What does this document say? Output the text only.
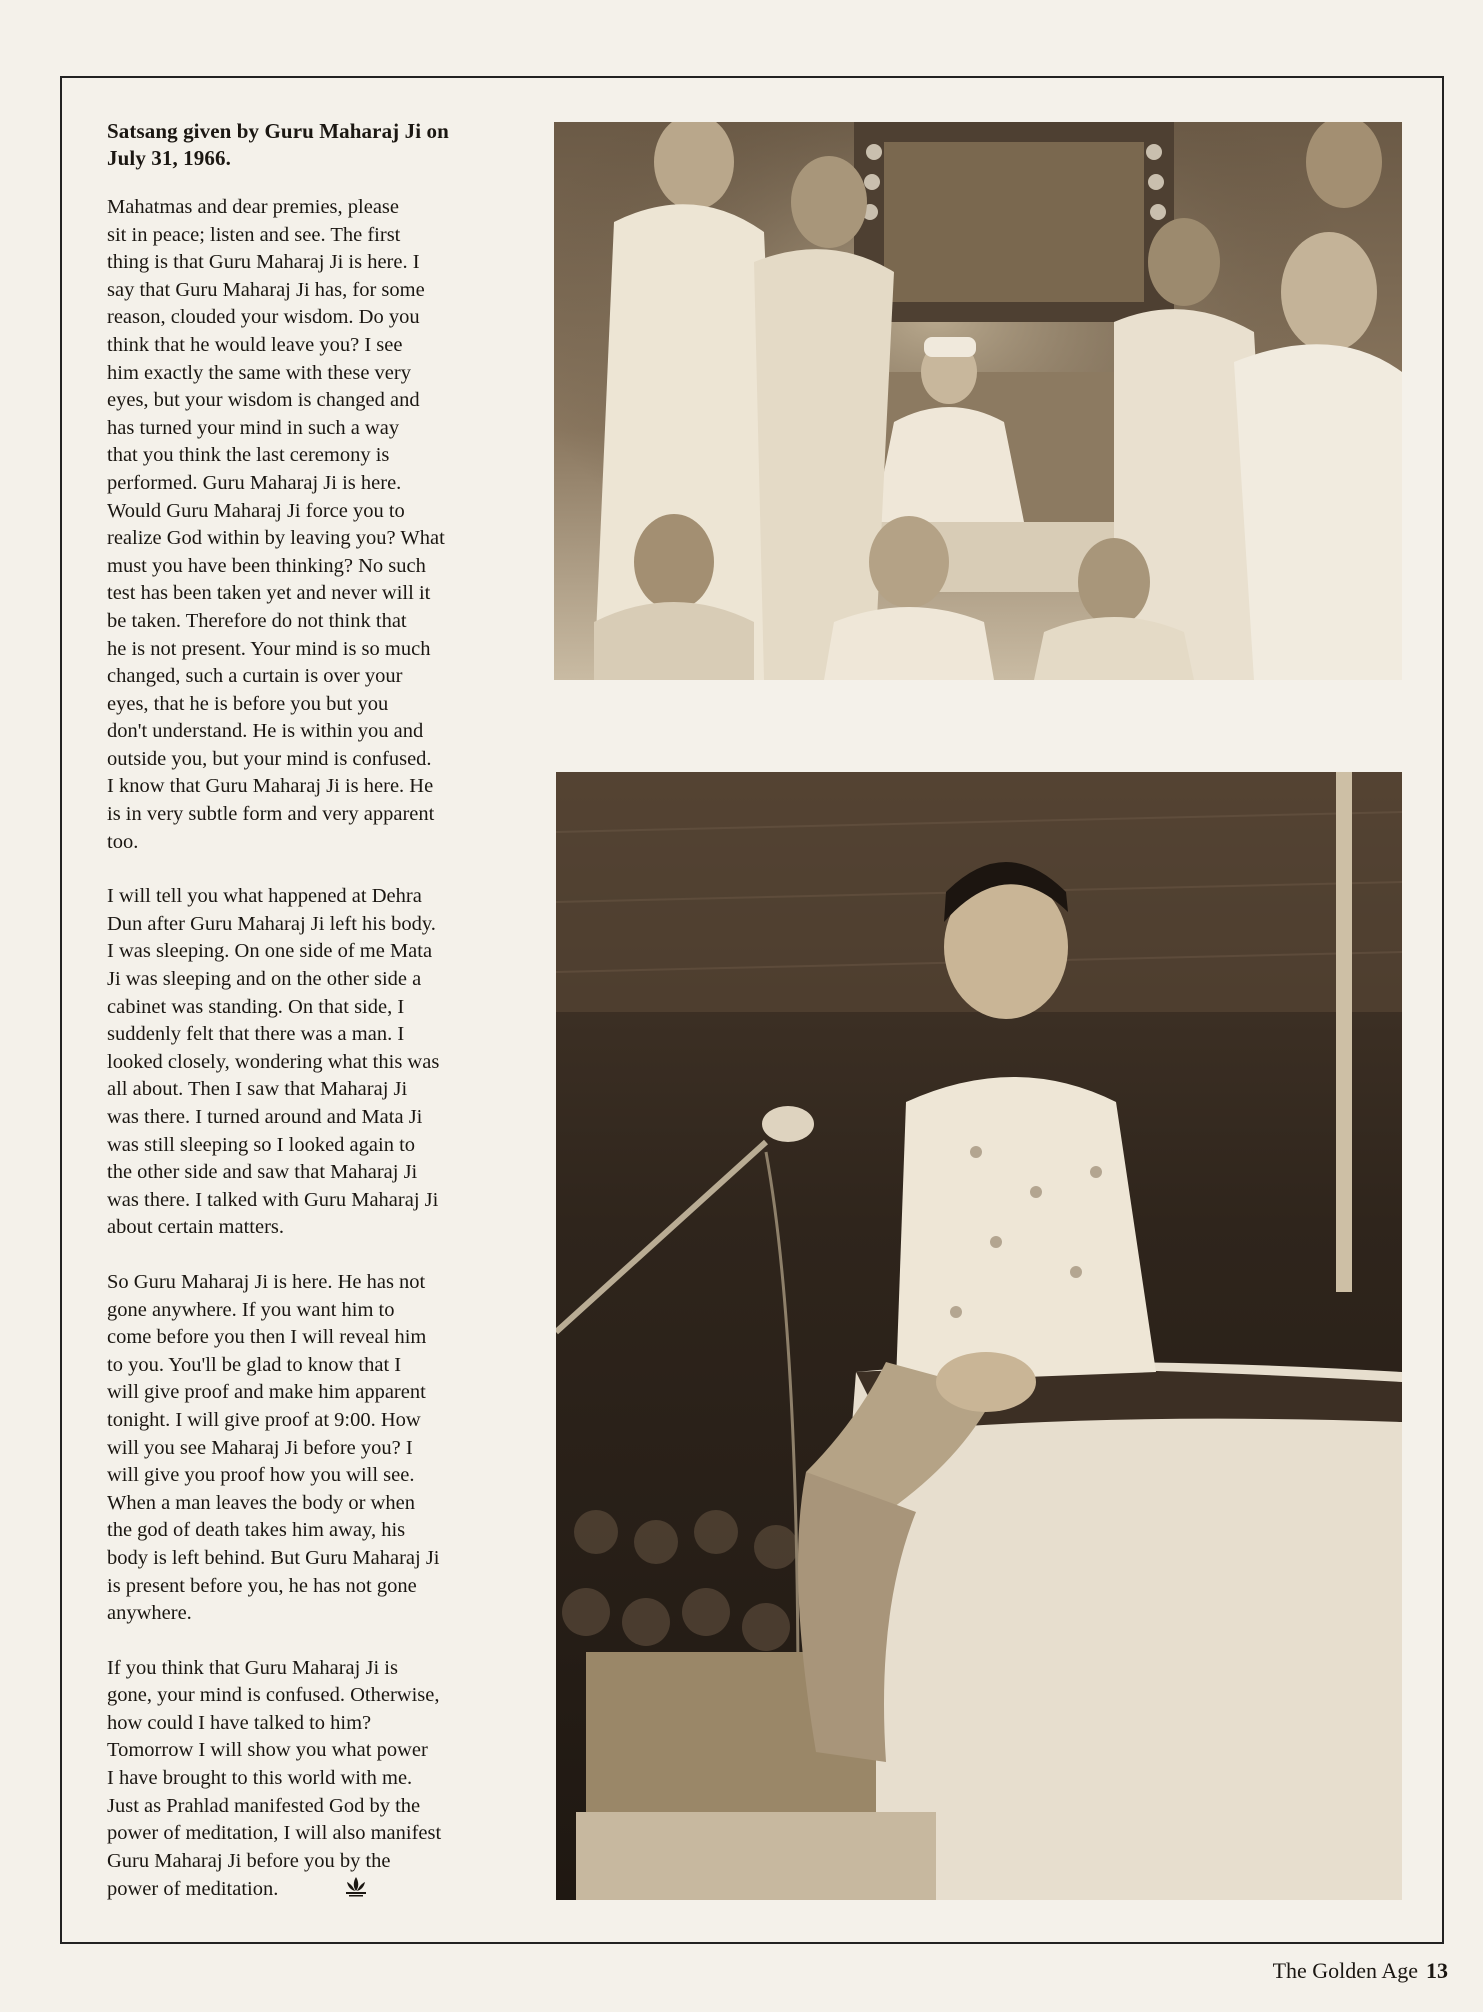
Satsang given by Guru Maharaj Ji on
July 31, 1966.

Mahatmas and dear premies, please
sit in peace; listen and see. The first
thing is that Guru Maharaj Ji is here. I
say that Guru Maharaj Ji has, for some
reason, clouded your wisdom. Do you
think that he would leave you? I see
him exactly the same with these very
eyes, but your wisdom is changed and
has turned your mind in such a way
that you think the last ceremony is
performed. Guru Maharaj Ji is here.
Would Guru Maharaj Ji force you to
realize God within by leaving you? What
must you have been thinking? No such
test has been taken yet and never will it
be taken. Therefore do not think that
he is not present. Your mind is so much
changed, such a curtain is over your
eyes, that he is before you but you
don't understand. He is within you and
outside you, but your mind is confused.
I know that Guru Maharaj Ji is here. He
is in very subtle form and very apparent
too.

I will tell you what happened at Dehra
Dun after Guru Maharaj Ji left his body.
I was sleeping. On one side of me Mata
Ji was sleeping and on the other side a
cabinet was standing. On that side, I
suddenly felt that there was a man. I
looked closely, wondering what this was
all about. Then I saw that Maharaj Ji
was there. I turned around and Mata Ji
was still sleeping so I looked again to
the other side and saw that Maharaj Ji
was there. I talked with Guru Maharaj Ji
about certain matters.

So Guru Maharaj Ji is here. He has not
gone anywhere. If you want him to
come before you then I will reveal him
to you. You'll be glad to know that I
will give proof and make him apparent
tonight. I will give proof at 9:00. How
will you see Maharaj Ji before you? I
will give you proof how you will see.
When a man leaves the body or when
the god of death takes him away, his
body is left behind. But Guru Maharaj Ji
is present before you, he has not gone
anywhere.

If you think that Guru Maharaj Ji is
gone, your mind is confused. Otherwise,
how could I have talked to him?
Tomorrow I will show you what power
I have brought to this world with me.
Just as Prahlad manifested God by the
power of meditation, I will also manifest
Guru Maharaj Ji before you by the
power of meditation.

The Golden Age 13
